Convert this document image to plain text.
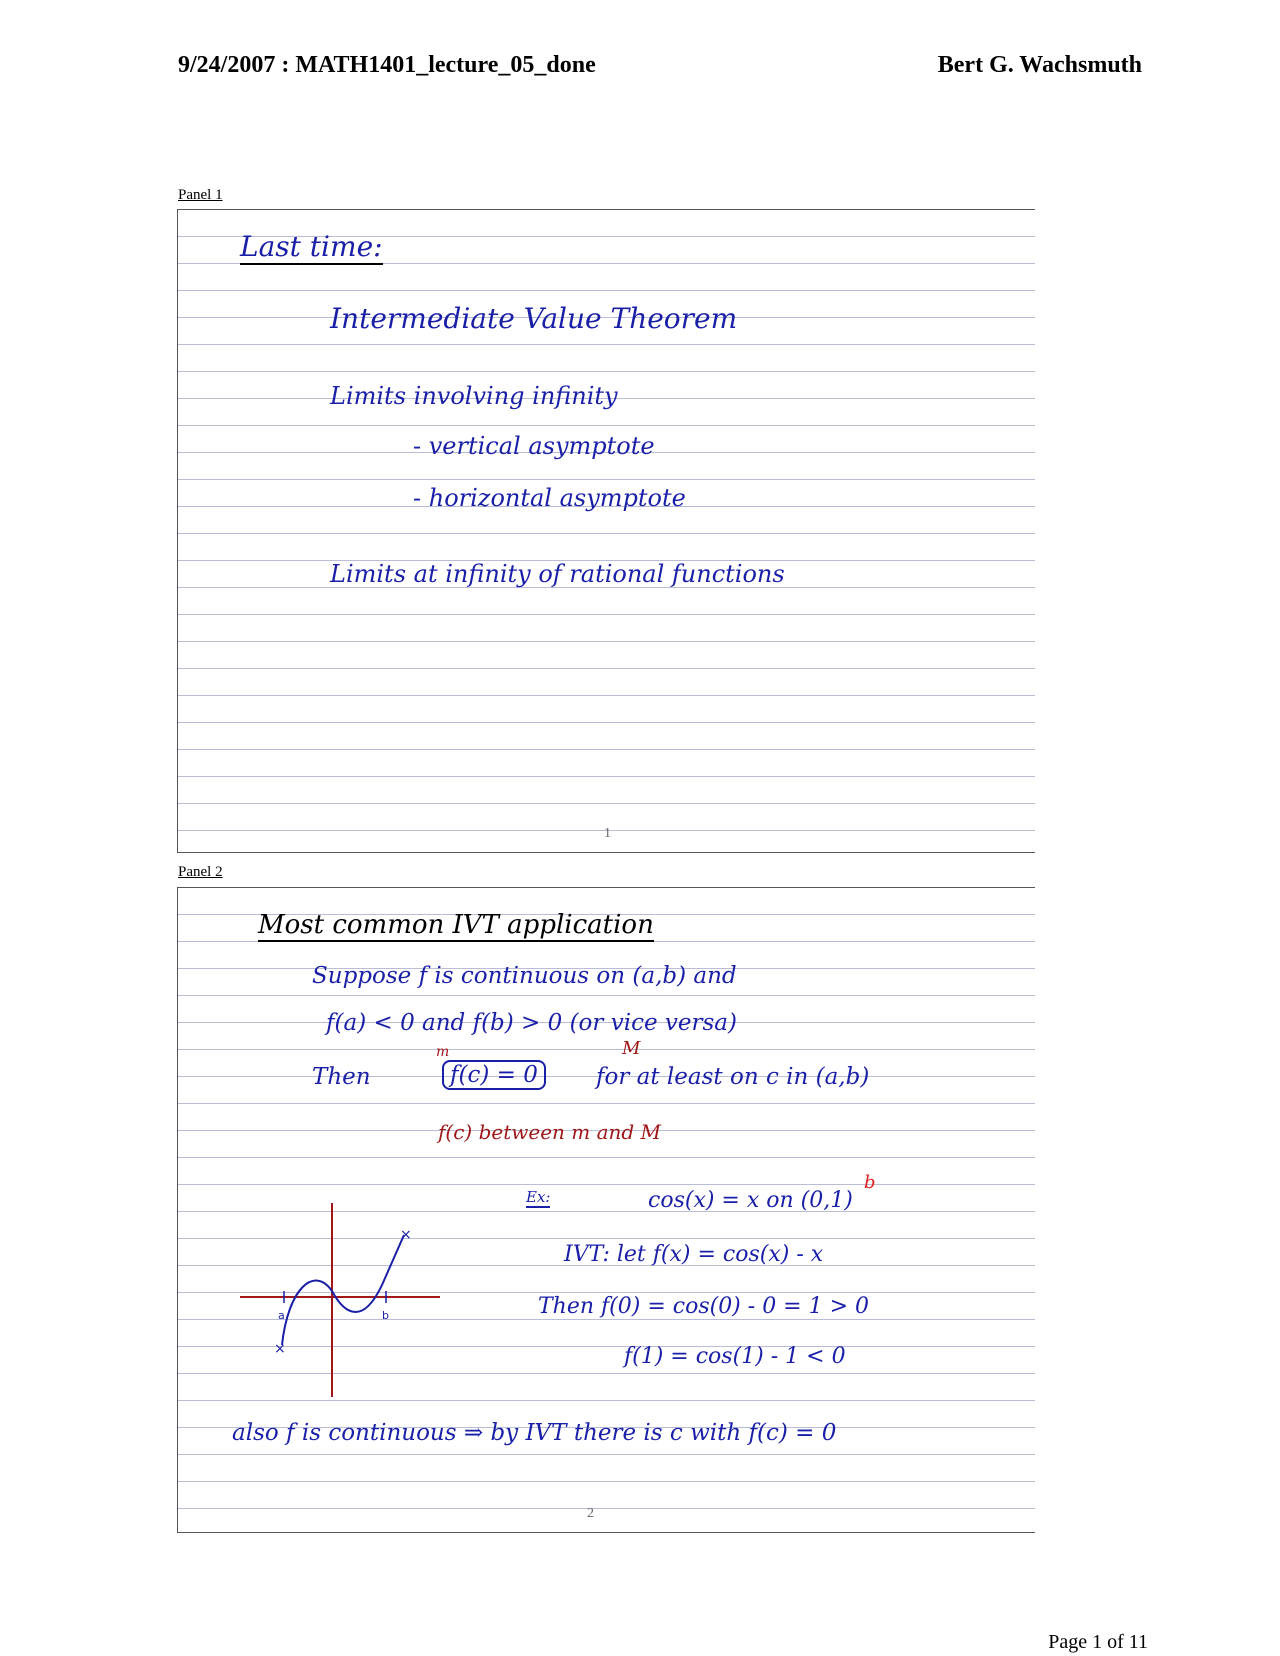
9/24/2007 : MATH1401_lecture_05_done	Bert G. Wachsmuth
Panel 1
Last time:
Intermediate Value Theorem
Limits involving infinity
- vertical asymptote
- horizontal asymptote
Limits at infinity of rational functions
1
Panel 2
Most common IVT application
Suppose f is continuous on (a,b) and
f(a) < 0 and f(b) > 0 (or vice versa)
m	M
Then	f(c) = 0	for at least on c in (a,b)
f(c) between m and M
Ex:
b
cos(x) = x on (0,1)
IVT: let f(x) = cos(x) - x
Then f(0) = cos(0) - 0 = 1 > 0
f(1) = cos(1) - 1 < 0
×
×
a	b
also f is continuous ⇒ by IVT there is c with f(c) = 0
2
Page 1 of 11
